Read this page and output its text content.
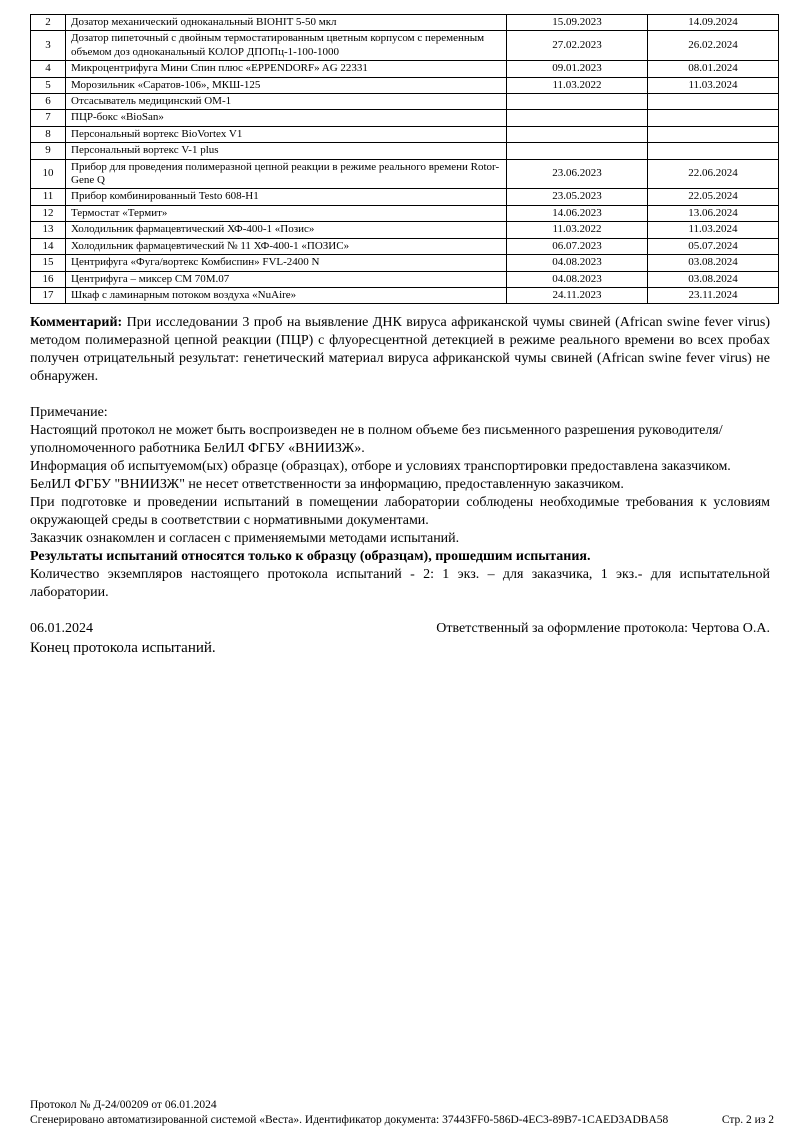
2	Дозатор механический одноканальный BIOHIT 5-50 мкл	15.09.2023	14.09.2024
3	Дозатор пипеточный с двойным термостатированным цветным корпусом с переменным объемом доз одноканальный КОЛОР ДПОПц-1-100-1000	27.02.2023	26.02.2024
4	Микроцентрифуга Мини Спин плюс «EPPENDORF» AG 22331	09.01.2023	08.01.2024
5	Морозильник «Саратов-106», МКШ-125	11.03.2022	11.03.2024
6	Отсасыватель медицинский ОМ-1		
7	ПЦР-бокс «BioSan»		
8	Персональный вортекс BioVortex V1		
9	Персональный вортекс V-1 plus		
10	Прибор для проведения полимеразной цепной реакции в режиме реального времени Rotor-Gene Q	23.06.2023	22.06.2024
11	Прибор комбинированный Testo 608-H1	23.05.2023	22.05.2024
12	Термостат «Термит»	14.06.2023	13.06.2024
13	Холодильник фармацевтический ХФ-400-1 «Позис»	11.03.2022	11.03.2024
14	Холодильник фармацевтический № 11 ХФ-400-1 «ПОЗИС»	06.07.2023	05.07.2024
15	Центрифуга «Фуга/вортекс Комбиспин» FVL-2400 N	04.08.2023	03.08.2024
16	Центрифуга – миксер СМ 70М.07	04.08.2023	03.08.2024
17	Шкаф с ламинарным потоком воздуха «NuAire»	24.11.2023	23.11.2024

Комментарий: При исследовании 3 проб на выявление ДНК вируса африканской чумы свиней (African swine fever virus) методом полимеразной цепной реакции (ПЦР) с флуоресцентной детекцией в режиме реального времени во всех пробах получен отрицательный результат: генетический материал вируса африканской чумы свиней (African swine fever virus) не обнаружен.

Примечание:

Настоящий протокол не может быть воспроизведен не в полном объеме без письменного разрешения руководителя/уполномоченного работника БелИЛ ФГБУ «ВНИИЗЖ».

Информация об испытуемом(ых) образце (образцах), отборе и условиях транспортировки предоставлена заказчиком.

БелИЛ ФГБУ "ВНИИЗЖ" не несет ответственности за информацию, предоставленную заказчиком.

При подготовке и проведении испытаний в помещении лаборатории соблюдены необходимые требования к условиям окружающей среды в соответствии с нормативными документами.

Заказчик ознакомлен и согласен с применяемыми методами испытаний.

Результаты испытаний относятся только к образцу (образцам), прошедшим испытания.

Количество экземпляров настоящего протокола испытаний - 2: 1 экз. – для заказчика, 1 экз.- для испытательной лаборатории.

06.01.2024	Ответственный за оформление протокола: Чертова О.А.

Конец протокола испытаний.

Протокол № Д-24/00209 от 06.01.2024
Сгенерировано автоматизированной системой «Веста». Идентификатор документа: 37443FF0-586D-4EC3-89B7-1CAED3ADBA58	Стр. 2 из 2
